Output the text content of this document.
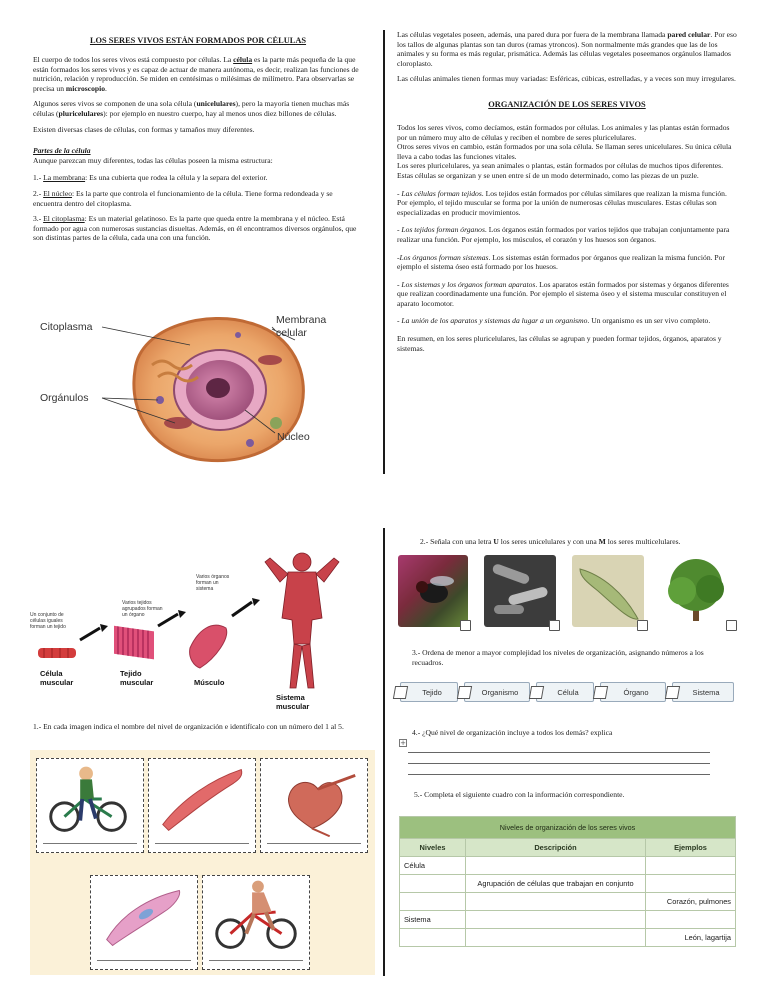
LOS SERES VIVOS ESTÁN FORMADOS POR CÉLULAS

El cuerpo de todos los seres vivos está compuesto por células. La célula es la parte más pequeña de la que están formados los seres vivos y es capaz de actuar de manera autónoma, es decir, realizan las funciones de nutrición, relación y reproducción. Se miden en centésimas o milésimas de milímetro. Para observarlas se precisa un microscopio.

Algunos seres vivos se componen de una sola célula (unicelulares), pero la mayoría tienen muchas más células (pluricelulares): por ejemplo en nuestro cuerpo, hay al menos unos diez billones de células.

Existen diversas clases de células, con formas y tamaños muy diferentes.

Partes de la célula
Aunque parezcan muy diferentes, todas las células poseen la misma estructura:

1.- La membrana: Es una cubierta que rodea la célula y la separa del exterior.

2.- El núcleo: Es la parte que controla el funcionamiento de la célula. Tiene forma redondeada y se encuentra dentro del citoplasma.

3.- El citoplasma: Es un material gelatinoso. Es la parte que queda entre la membrana y el núcleo. Está formado por agua con numerosas sustancias disueltas. Además, en él encontramos diversos orgánulos, que son distintas partes de la célula, cada una con una función.

Citoplasma
Membrana
celular
Orgánulos
Núcleo

Las células vegetales poseen, además, una pared dura por fuera de la membrana llamada pared celular. Por eso los tallos de algunas plantas son tan duros (ramas ytroncos). Son normalmente más grandes que las de los animales y su forma es más regular, prismática. Además las células vegetales poseemanos orgánulos llamados cloroplasto.

Las células animales tienen formas muy variadas: Esféricas, cúbicas, estrelladas, y a veces son muy irregulares.

ORGANIZACIÓN DE LOS SERES VIVOS

Todos los seres vivos, como decíamos, están formados por células. Los animales y las plantas están formados por un número muy alto de células y reciben el nombre de seres pluricelulares.

Otros seres vivos en cambio, están formados por una sola célula. Se llaman seres unicelulares. Su única célula lleva a cabo todas las funciones vitales.

Los seres pluricelulares, ya sean animales o plantas, están formados por células de muchos tipos diferentes. Estas células se organizan y se unen entre sí de un modo determinado, como las piezas de un puzle.

- Las células forman tejidos. Los tejidos están formados por células similares que realizan la misma función. Por ejemplo, el tejido muscular se forma por la unión de numerosas células musculares. Estas células son especializadas en producir movimientos.

- Los tejidos forman órganos. Los órganos están formados por varios tejidos que trabajan conjuntamente para realizar una función. Por ejemplo, los músculos, el corazón y los huesos son órganos.

-Los órganos forman sistemas. Los sistemas están formados por órganos que realizan la misma función. Por ejemplo el sistema óseo está formado por los huesos.

- Los sistemas y los órganos forman aparatos. Los aparatos están formados por sistemas y órganos diferentes que realizan coordinadamente una función. Por ejemplo el sistema óseo y el sistema muscular constituyen el aparato locomotor.

- La unión de los aparatos y sistemas da lugar a un organismo. Un organismo es un ser vivo completo.

En resumen, en los seres pluricelulares, las células se agrupan y pueden formar tejidos, órganos, aparatos y sistemas.

Un conjunto de
células iguales
forman un tejido
Varios tejidos
agrupados forman
un órgano
Varios órganos
forman un
sistema
Célula
muscular
Tejido
muscular	Músculo
Sistema
muscular
1.- En cada imagen indica el nombre del nivel de organización e identifícalo con un número del 1 al 5.
2.- Señala con una letra U los seres unicelulares y con una M los seres multicelulares.
3.- Ordena de menor a mayor complejidad los niveles de organización, asignando números a los recuadros.
Tejido	Organismo	Célula	Órgano	Sistema
4.- ¿Qué nivel de organización incluye a todos los demás? explica
+
5.- Completa el siguiente cuadro con la información correspondiente.
Niveles de organización de los seres vivos		
Niveles	Descripción	Ejemplos
Célula		
	Agrupación de células que trabajan en conjunto	
		Corazón, pulmones
Sistema		
		León, lagartija
